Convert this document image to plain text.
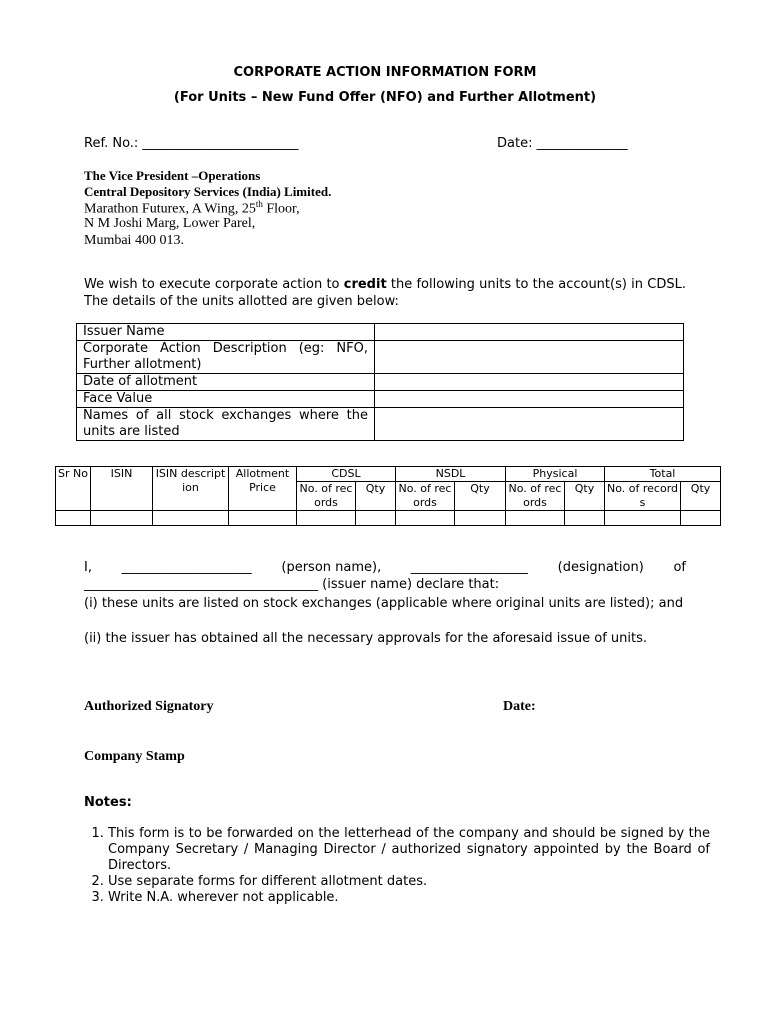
CORPORATE ACTION INFORMATION FORM
(For Units – New Fund Offer (NFO) and Further Allotment)
Ref. No.: ________________________	Date: ______________
The Vice President –Operations
Central Depository Services (India) Limited.
Marathon Futurex, A Wing, 25th Floor,
N M Joshi Marg, Lower Parel,
Mumbai 400 013.
We wish to execute corporate action to credit the following units to the account(s) in CDSL. The details of the units allotted are given below:
Issuer Name	
Corporate Action Description (eg: NFO, Further allotment)	
Date of allotment	
Face Value	
Names of all stock exchanges where the units are listed	
Sr No	ISIN	ISIN description	Allotment Price	CDSL		NSDL		Physical		Total	
				No. of records	Qty	No. of records	Qty	No. of records	Qty	No. of records	Qty

I, ____________________ (person name), __________________ (designation) of
____________________________________ (issuer name) declare that:
(i) these units are listed on stock exchanges (applicable where original units are listed); and
(ii) the issuer has obtained all the necessary approvals for the aforesaid issue of units.
Authorized Signatory	Date:
Company Stamp
Notes:
1. This form is to be forwarded on the letterhead of the company and should be signed by the Company Secretary / Managing Director / authorized signatory appointed by the Board of Directors.
2. Use separate forms for different allotment dates.
3. Write N.A. wherever not applicable.
